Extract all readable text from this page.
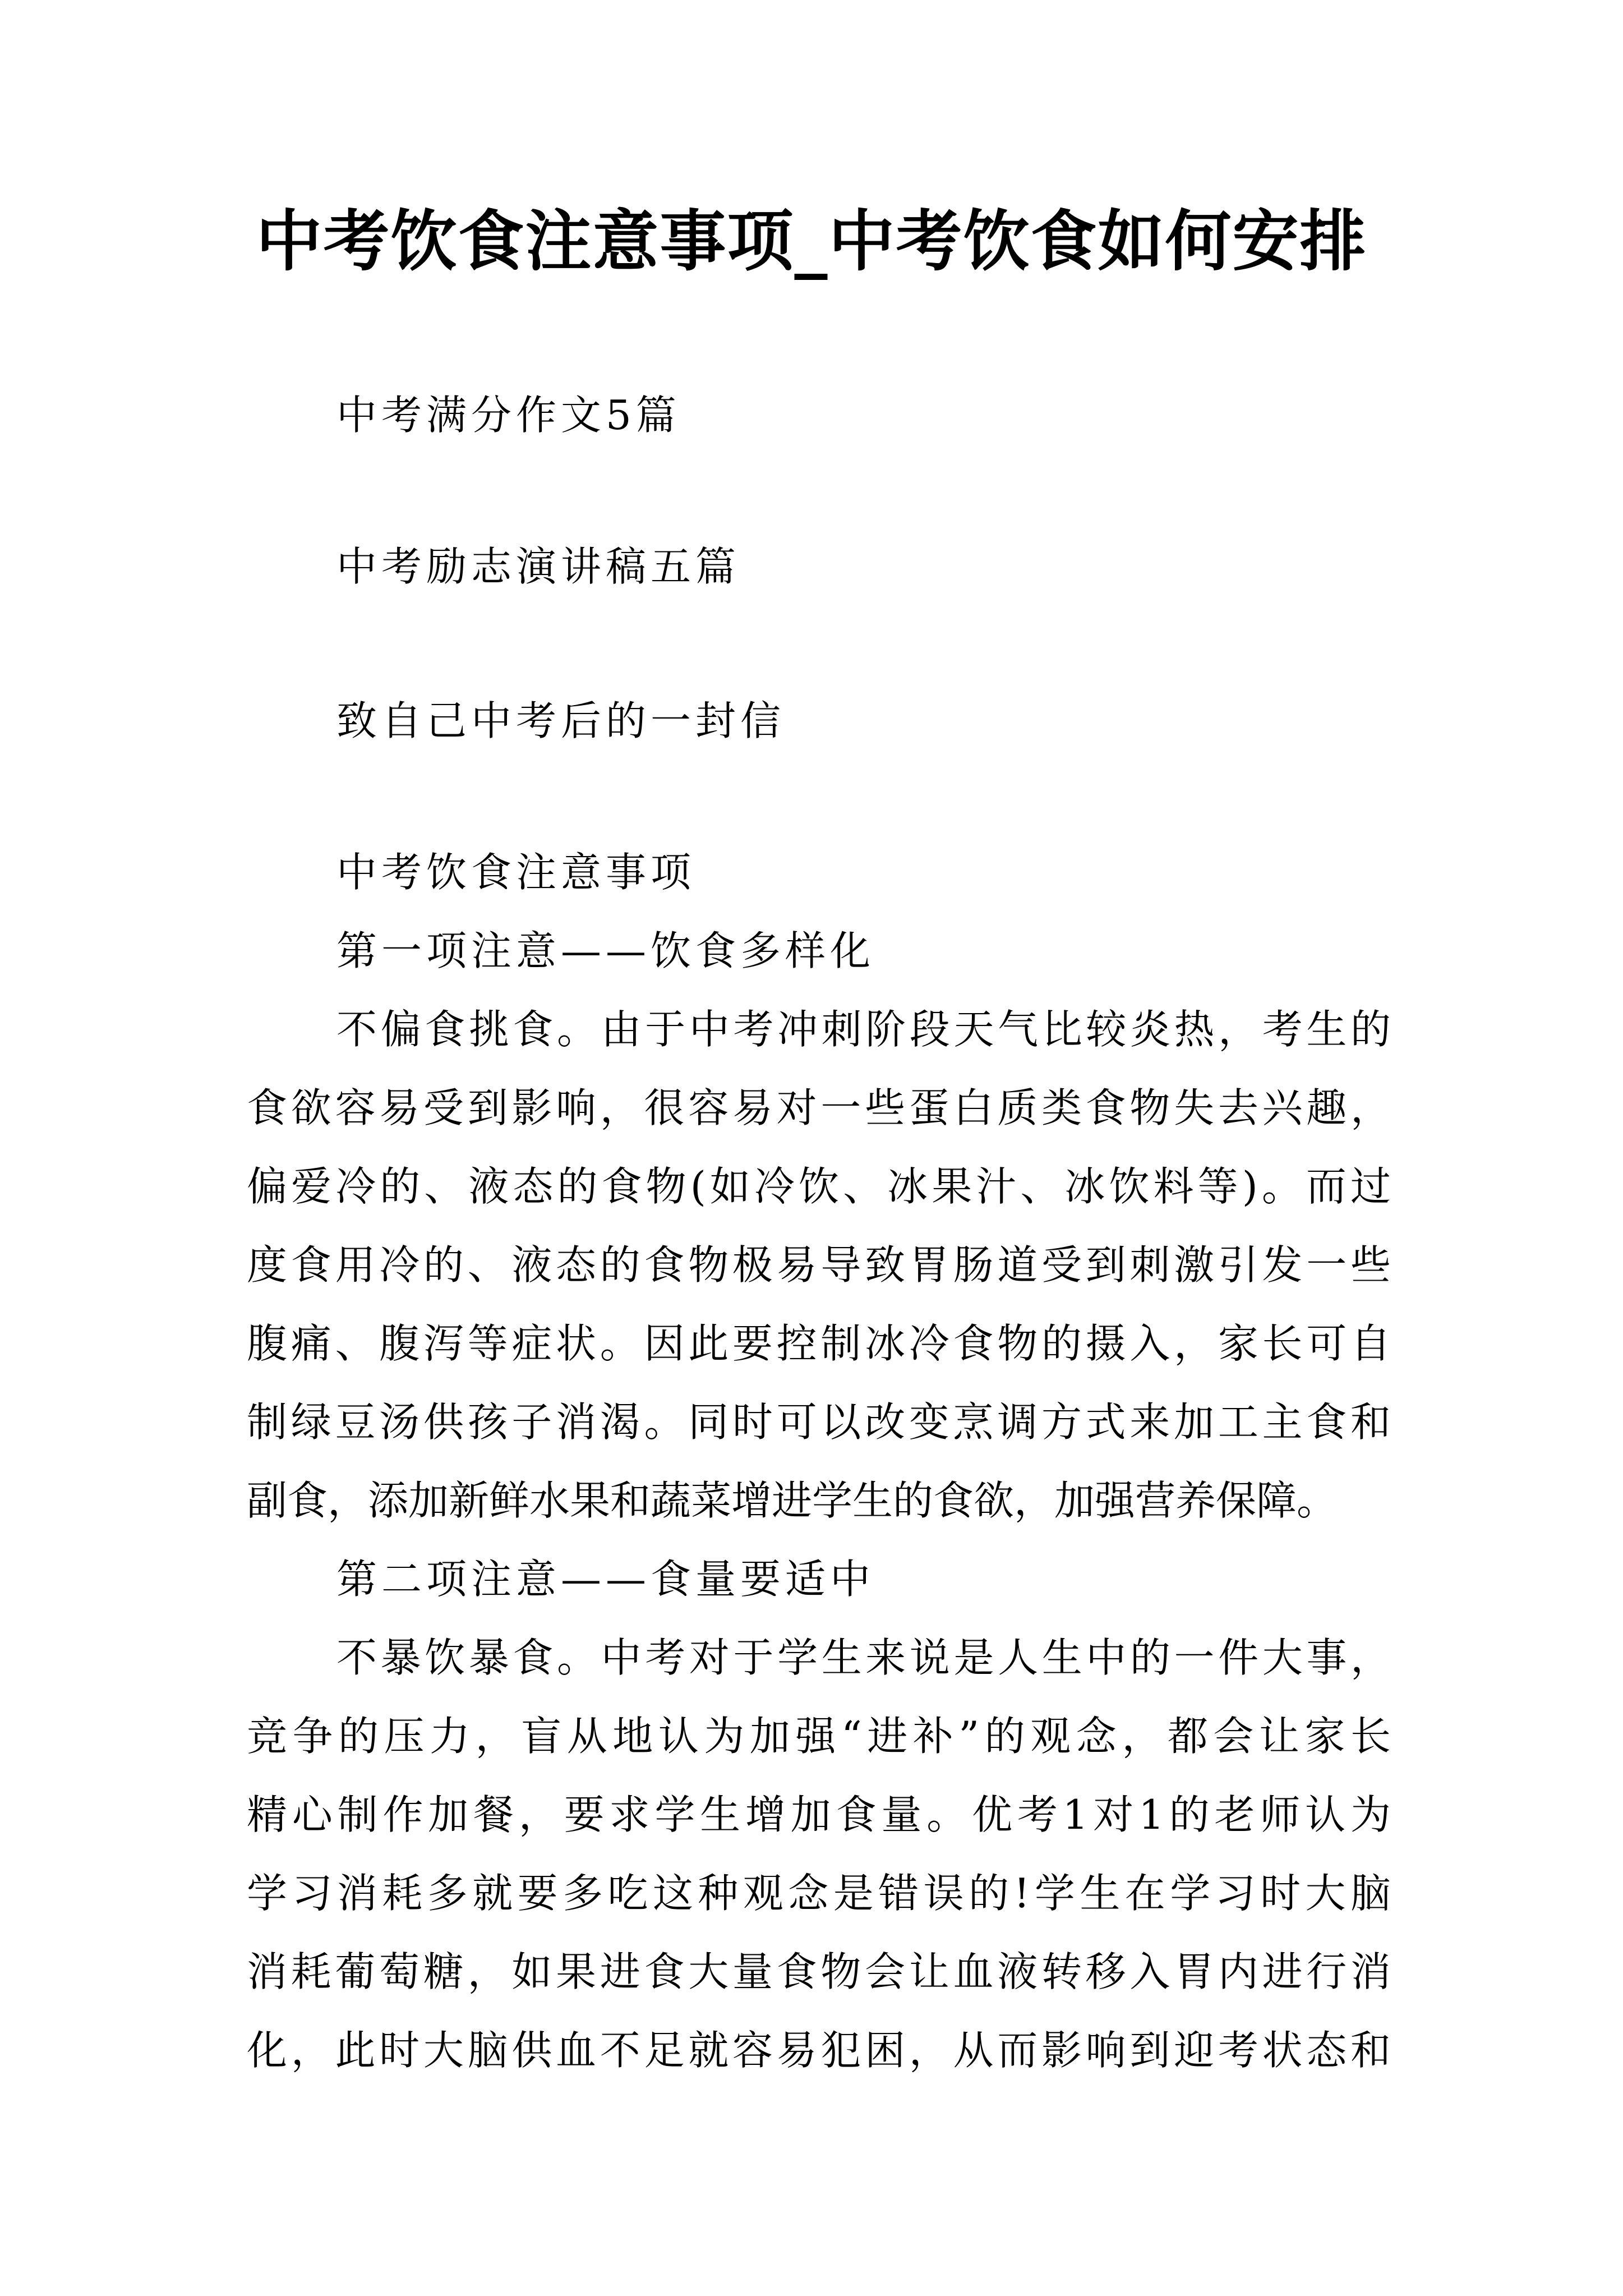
中考饮食注意事项_中考饮食如何安排
中考满分作文5篇
中考励志演讲稿五篇
致自己中考后的一封信
中考饮食注意事项
第一项注意——饮食多样化
不偏食挑食。由于中考冲刺阶段天气比较炎热，考生的
食欲容易受到影响，很容易对一些蛋白质类食物失去兴趣，
偏爱冷的、液态的食物(如冷饮、冰果汁、冰饮料等)。而过
度食用冷的、液态的食物极易导致胃肠道受到刺激引发一些
腹痛、腹泻等症状。因此要控制冰冷食物的摄入，家长可自
制绿豆汤供孩子消渴。同时可以改变烹调方式来加工主食和
副食，添加新鲜水果和蔬菜增进学生的食欲，加强营养保障。
第二项注意——食量要适中
不暴饮暴食。中考对于学生来说是人生中的一件大事，
竞争的压力，盲从地认为加强“进补”的观念，都会让家长
精心制作加餐，要求学生增加食量。优考1对1的老师认为
学习消耗多就要多吃这种观念是错误的!学生在学习时大脑
消耗葡萄糖，如果进食大量食物会让血液转移入胃内进行消
化，此时大脑供血不足就容易犯困，从而影响到迎考状态和
